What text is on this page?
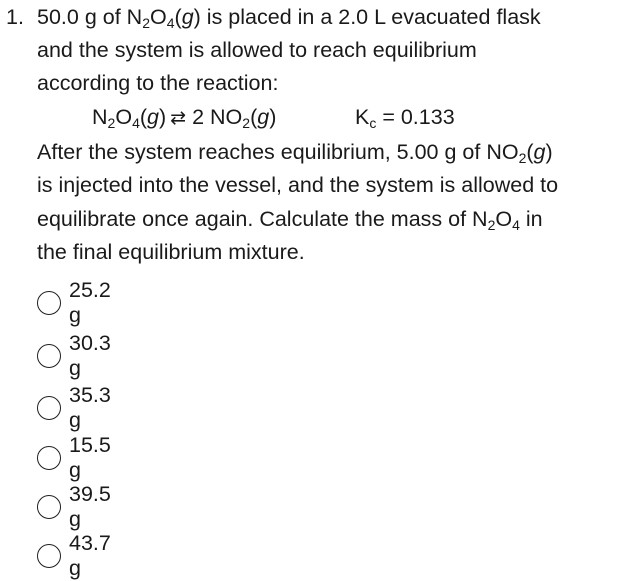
1. 50.0 g of $N_2O_4(g)$ is placed in a 2.0 L evacuated flask
and the system is allowed to reach equilibrium
according to the reaction:
$N_2O_4(g)$ ⇄ 2 $NO_2(g)$	$K_c = 0.133$
After the system reaches equilibrium, 5.00 g of $NO_2(g)$
is injected into the vessel, and the system is allowed to
equilibrate once again. Calculate the mass of $N_2O_4$ in
the final equilibrium mixture.
25.2 g
30.3 g
35.3 g
15.5 g
39.5 g
43.7 g
